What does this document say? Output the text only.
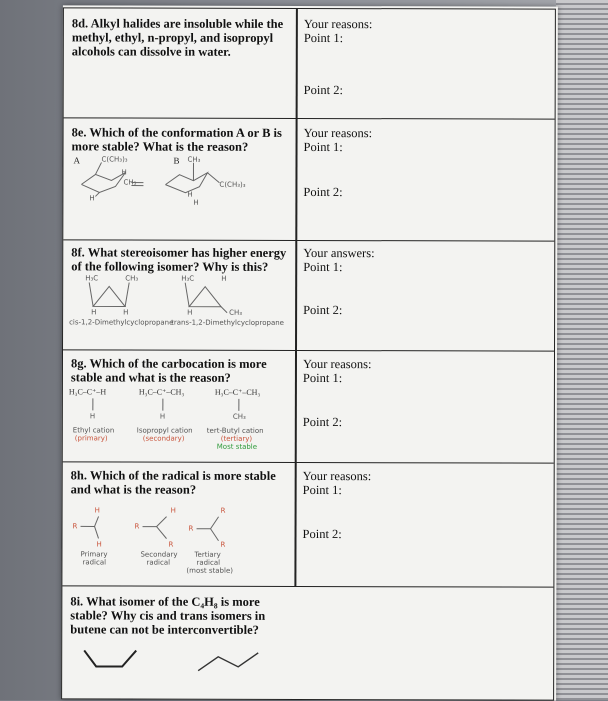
8d. Alkyl halides are insoluble while the methyl, ethyl, n-propyl, and isopropyl alcohols can dissolve in water.
Your reasons:
Point 1:
Point 2:
8e. Which of the conformation A or B is more stable? What is the reason?
Your reasons:
Point 1:
Point 2:
A	B
C(CH₃)₃	CH₃
H
CH₃	C(CH₃)₃
H
H
H
8f. What stereoisomer has higher energy of the following isomer? Why is this?
Your answers:
Point 1:
Point 2:
H₃C	CH₃	H₃C	H
H	H	H	CH₃
cis-1,2-Dimethylcyclopropane
trans-1,2-Dimethylcyclopropane
8g. Which of the carbocation is more stable and what is the reason?
Your reasons:
Point 1:
Point 2:
H₃C–C⁺–H	H₃C–C⁺–CH₃	H₃C–C⁺–CH₃
H	H	CH₃
Ethyl cation
(primary)
Isopropyl cation
(secondary)
tert-Butyl cation
(tertiary)
Most stable
8h. Which of the radical is more stable and what is the reason?
Your reasons:
Point 1:
Point 2:
H
R
H
Primary
radical
H
R
R
Secondary
radical
R
R
R
Tertiary
radical
(most stable)
8i. What isomer of the C₄H₈ is more stable? Why cis and trans isomers in butene can not be interconvertible?
